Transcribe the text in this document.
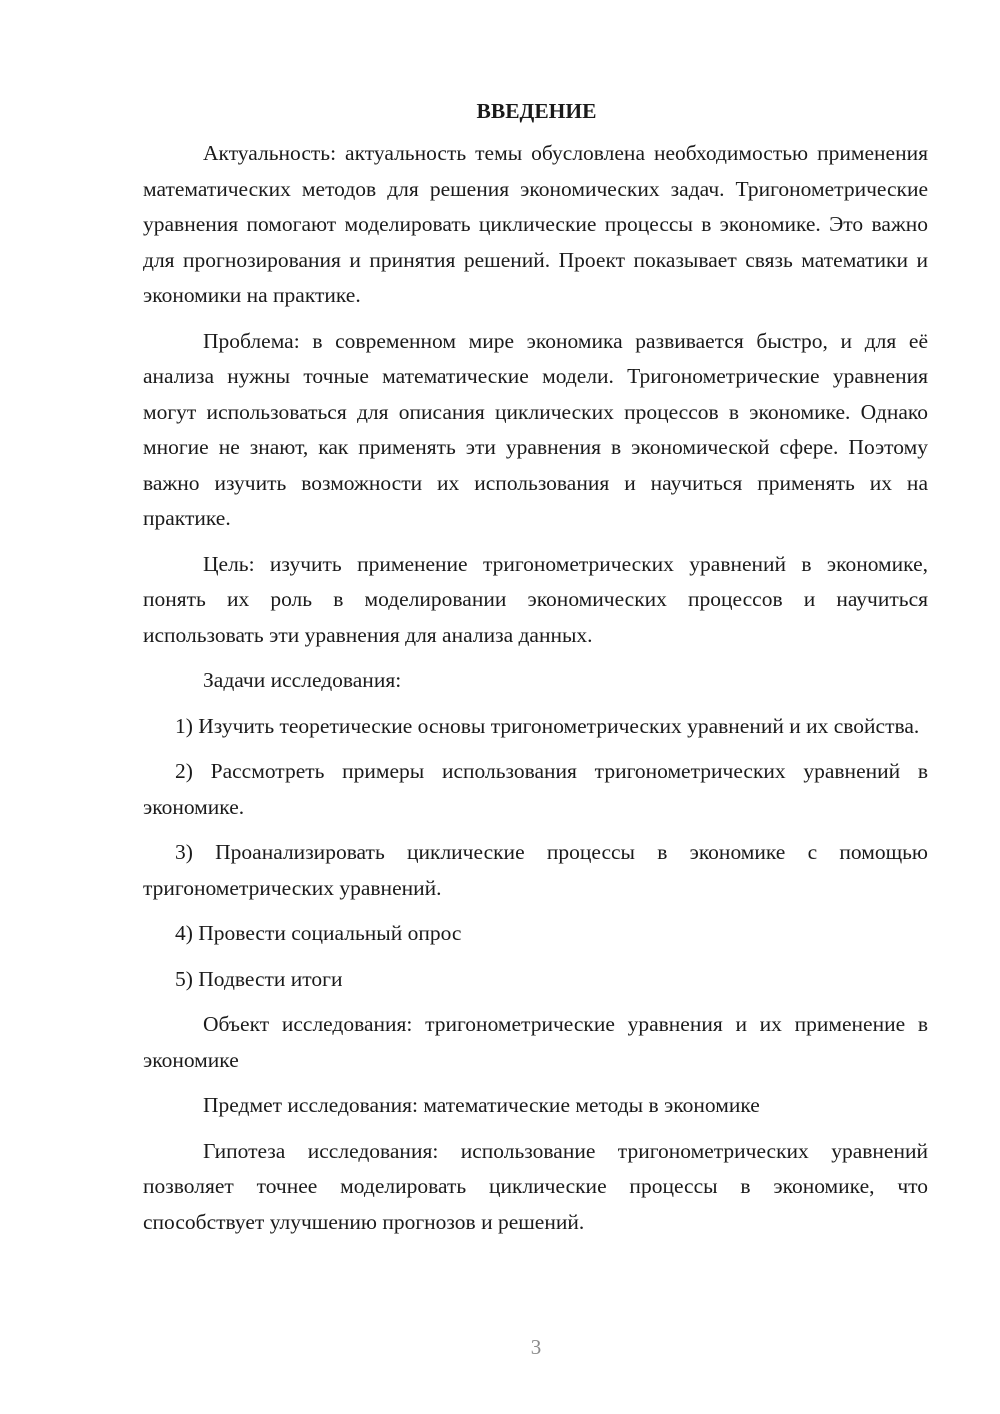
ВВЕДЕНИЕ

Актуальность: актуальность темы обусловлена необходимостью применения математических методов для решения экономических задач. Тригонометрические уравнения помогают моделировать циклические процессы в экономике. Это важно для прогнозирования и принятия решений. Проект показывает связь математики и экономики на практике.

Проблема: в современном мире экономика развивается быстро, и для её анализа нужны точные математические модели. Тригонометрические уравнения могут использоваться для описания циклических процессов в экономике. Однако многие не знают, как применять эти уравнения в экономической сфере. Поэтому важно изучить возможности их использования и научиться применять их на практике.

Цель: изучить применение тригонометрических уравнений в экономике, понять их роль в моделировании экономических процессов и научиться использовать эти уравнения для анализа данных.

Задачи исследования:

1) Изучить теоретические основы тригонометрических уравнений и их свойства.

2) Рассмотреть примеры использования тригонометрических уравнений в экономике.

3) Проанализировать циклические процессы в экономике с помощью тригонометрических уравнений.

4) Провести социальный опрос

5) Подвести итоги

Объект исследования: тригонометрические уравнения и их применение в экономике

Предмет исследования: математические методы в экономике

Гипотеза исследования: использование тригонометрических уравнений позволяет точнее моделировать циклические процессы в экономике, что способствует улучшению прогнозов и решений.

3
